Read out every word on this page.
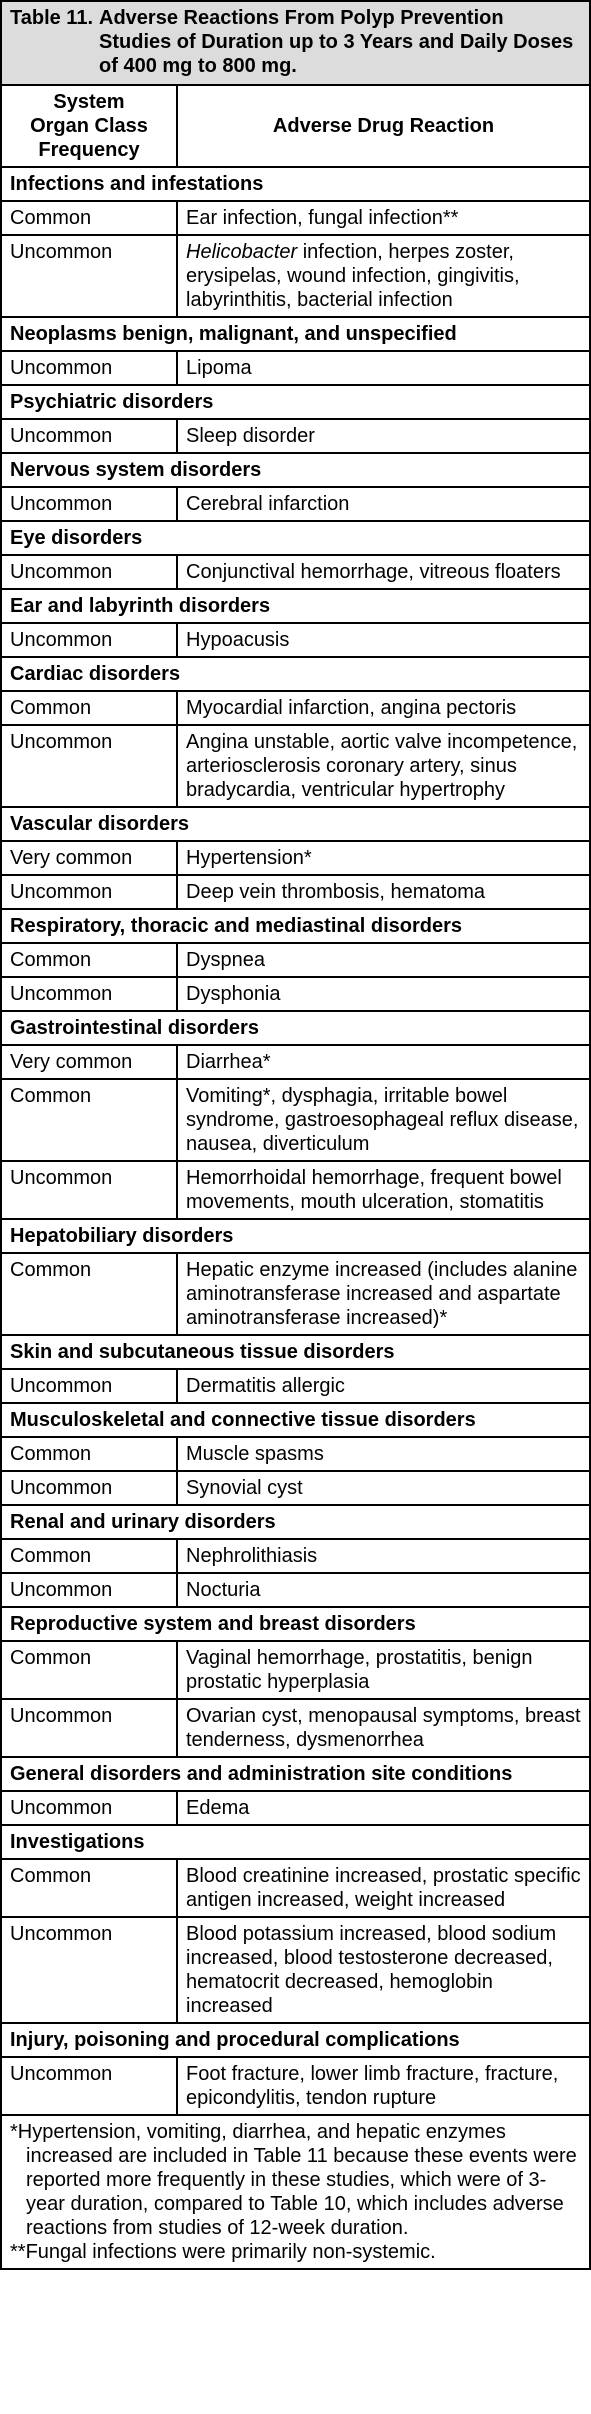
Table 11. Adverse Reactions From Polyp Prevention Studies of Duration up to 3 Years and Daily Doses of 400 mg to 800 mg.	

System
Organ Class
Frequency	Adverse Drug Reaction
Infections and infestations	
Common	Ear infection, fungal infection**
Uncommon	Helicobacter infection, herpes zoster, erysipelas, wound infection, gingivitis, labyrinthitis, bacterial infection
Neoplasms benign, malignant, and unspecified	
Uncommon	Lipoma
Psychiatric disorders	
Uncommon	Sleep disorder
Nervous system disorders	
Uncommon	Cerebral infarction
Eye disorders	
Uncommon	Conjunctival hemorrhage, vitreous floaters
Ear and labyrinth disorders	
Uncommon	Hypoacusis
Cardiac disorders	
Common	Myocardial infarction, angina pectoris
Uncommon	Angina unstable, aortic valve incompetence, arteriosclerosis coronary artery, sinus bradycardia, ventricular hypertrophy
Vascular disorders	
Very common	Hypertension*
Uncommon	Deep vein thrombosis, hematoma
Respiratory, thoracic and mediastinal disorders	
Common	Dyspnea
Uncommon	Dysphonia
Gastrointestinal disorders	
Very common	Diarrhea*
Common	Vomiting*, dysphagia, irritable bowel syndrome, gastroesophageal reflux disease, nausea, diverticulum
Uncommon	Hemorrhoidal hemorrhage, frequent bowel movements, mouth ulceration, stomatitis
Hepatobiliary disorders	
Common	Hepatic enzyme increased (includes alanine aminotransferase increased and aspartate aminotransferase increased)*
Skin and subcutaneous tissue disorders	
Uncommon	Dermatitis allergic
Musculoskeletal and connective tissue disorders	
Common	Muscle spasms
Uncommon	Synovial cyst
Renal and urinary disorders	
Common	Nephrolithiasis
Uncommon	Nocturia
Reproductive system and breast disorders	
Common	Vaginal hemorrhage, prostatitis, benign prostatic hyperplasia
Uncommon	Ovarian cyst, menopausal symptoms, breast tenderness, dysmenorrhea
General disorders and administration site conditions	
Uncommon	Edema
Investigations	
Common	Blood creatinine increased, prostatic specific antigen increased, weight increased
Uncommon	Blood potassium increased, blood sodium increased, blood testosterone decreased, hematocrit decreased, hemoglobin increased
Injury, poisoning and procedural complications	
Uncommon	Foot fracture, lower limb fracture, fracture, epicondylitis, tendon rupture

*Hypertension, vomiting, diarrhea, and hepatic enzymes increased are included in Table 11 because these events were reported more frequently in these studies, which were of 3-year duration, compared to Table 10, which includes adverse reactions from studies of 12-week duration.

**Fungal infections were primarily non-systemic.	
